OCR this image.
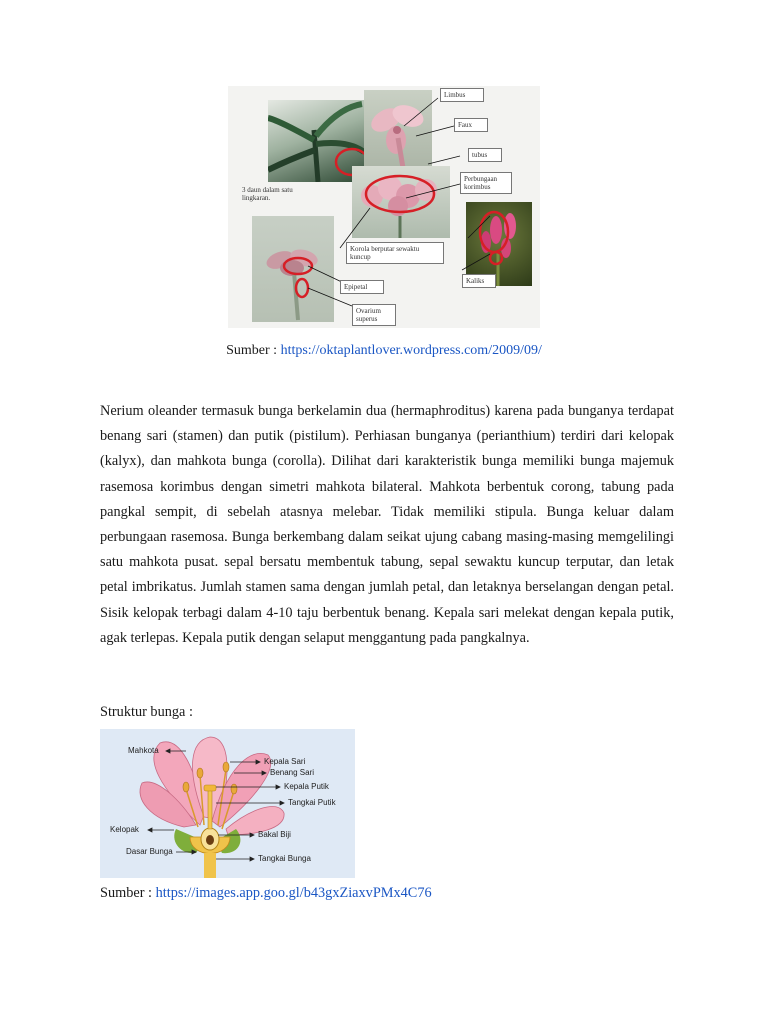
Limbus
Faux
tubus
Perbungaan korimbus
3 daun dalam satu lingkaran.
Korola berputar sewaktu kuncup
Kaliks
Epipetal
Ovarium superus
Sumber : https://oktaplantlover.wordpress.com/2009/09/

Nerium oleander termasuk bunga berkelamin dua (hermaphroditus) karena pada bunganya terdapat benang sari (stamen) dan putik (pistilum). Perhiasan bunganya (perianthium) terdiri dari kelopak (kalyx), dan mahkota bunga (corolla). Dilihat dari karakteristik bunga memiliki bunga majemuk rasemosa korimbus dengan simetri mahkota bilateral. Mahkota berbentuk corong, tabung pada pangkal sempit, di sebelah atasnya melebar. Tidak memiliki stipula. Bunga keluar dalam perbungaan rasemosa. Bunga berkembang dalam seikat ujung cabang masing-masing memgelilingi satu mahkota pusat. sepal bersatu membentuk tabung, sepal sewaktu kuncup terputar, dan letak petal imbrikatus. Jumlah stamen sama dengan jumlah petal, dan letaknya berselangan dengan petal. Sisik kelopak terbagi dalam 4-10 taju berbentuk benang. Kepala sari melekat dengan kepala putik, agak terlepas. Kepala putik dengan selaput menggantung pada pangkalnya.

Struktur bunga :
Mahkota
Kepala Sari
Benang Sari
Kepala Putik
Tangkai Putik
Kelopak
Bakal Biji
Dasar Bunga
Tangkai Bunga
Sumber : https://images.app.goo.gl/b43gxZiaxvPMx4C76
